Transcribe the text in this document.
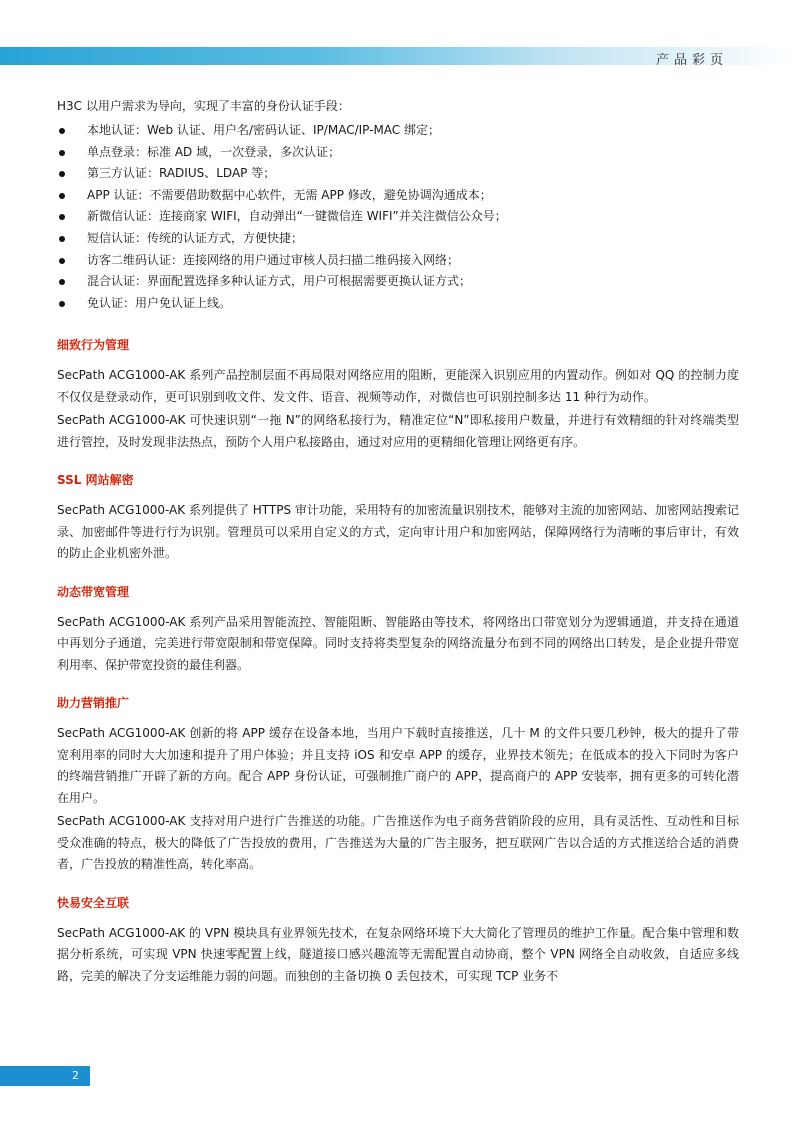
产品彩页

H3C 以用户需求为导向，实现了丰富的身份认证手段：

本地认证：Web 认证、用户名/密码认证、IP/MAC/IP-MAC 绑定；
单点登录：标准 AD 域，一次登录，多次认证；
第三方认证：RADIUS、LDAP 等；
APP 认证：不需要借助数据中心软件，无需 APP 修改，避免协调沟通成本；
新微信认证：连接商家 WIFI，自动弹出“一键微信连 WIFI”并关注微信公众号；
短信认证：传统的认证方式，方便快捷；
访客二维码认证：连接网络的用户通过审核人员扫描二维码接入网络；
混合认证：界面配置选择多种认证方式，用户可根据需要更换认证方式；
免认证：用户免认证上线。
细致行为管理

SecPath ACG1000-AK 系列产品控制层面不再局限对网络应用的阻断，更能深入识别应用的内置动作。例如对 QQ 的控制力度不仅仅是登录动作，更可识别到收文件、发文件、语音、视频等动作，对微信也可识别控制多达 11 种行为动作。

SecPath ACG1000-AK 可快速识别“一拖 N”的网络私接行为，精准定位“N”即私接用户数量，并进行有效精细的针对终端类型进行管控，及时发现非法热点，预防个人用户私接路由，通过对应用的更精细化管理让网络更有序。

SSL 网站解密

SecPath ACG1000-AK 系列提供了 HTTPS 审计功能，采用特有的加密流量识别技术，能够对主流的加密网站、加密网站搜索记录、加密邮件等进行行为识别。管理员可以采用自定义的方式，定向审计用户和加密网站，保障网络行为清晰的事后审计，有效的防止企业机密外泄。

动态带宽管理

SecPath ACG1000-AK 系列产品采用智能流控、智能阻断、智能路由等技术，将网络出口带宽划分为逻辑通道，并支持在通道中再划分子通道，完美进行带宽限制和带宽保障。同时支持将类型复杂的网络流量分布到不同的网络出口转发，是企业提升带宽利用率、保护带宽投资的最佳利器。

助力营销推广

SecPath ACG1000-AK 创新的将 APP 缓存在设备本地，当用户下载时直接推送，几十 M 的文件只要几秒钟，极大的提升了带宽利用率的同时大大加速和提升了用户体验；并且支持 iOS 和安卓 APP 的缓存，业界技术领先；在低成本的投入下同时为客户的终端营销推广开辟了新的方向。配合 APP 身份认证，可强制推广商户的 APP，提高商户的 APP 安装率，拥有更多的可转化潜在用户。

SecPath ACG1000-AK 支持对用户进行广告推送的功能。广告推送作为电子商务营销阶段的应用，具有灵活性、互动性和目标受众准确的特点，极大的降低了广告投放的费用，广告推送为大量的广告主服务，把互联网广告以合适的方式推送给合适的消费者，广告投放的精准性高，转化率高。

快易安全互联

SecPath ACG1000-AK 的 VPN 模块具有业界领先技术，在复杂网络环境下大大简化了管理员的维护工作量。配合集中管理和数据分析系统，可实现 VPN 快速零配置上线，隧道接口感兴趣流等无需配置自动协商，整个 VPN 网络全自动收敛，自适应多线路，完美的解决了分支运维能力弱的问题。而独创的主备切换 0 丢包技术，可实现 TCP 业务不

2
